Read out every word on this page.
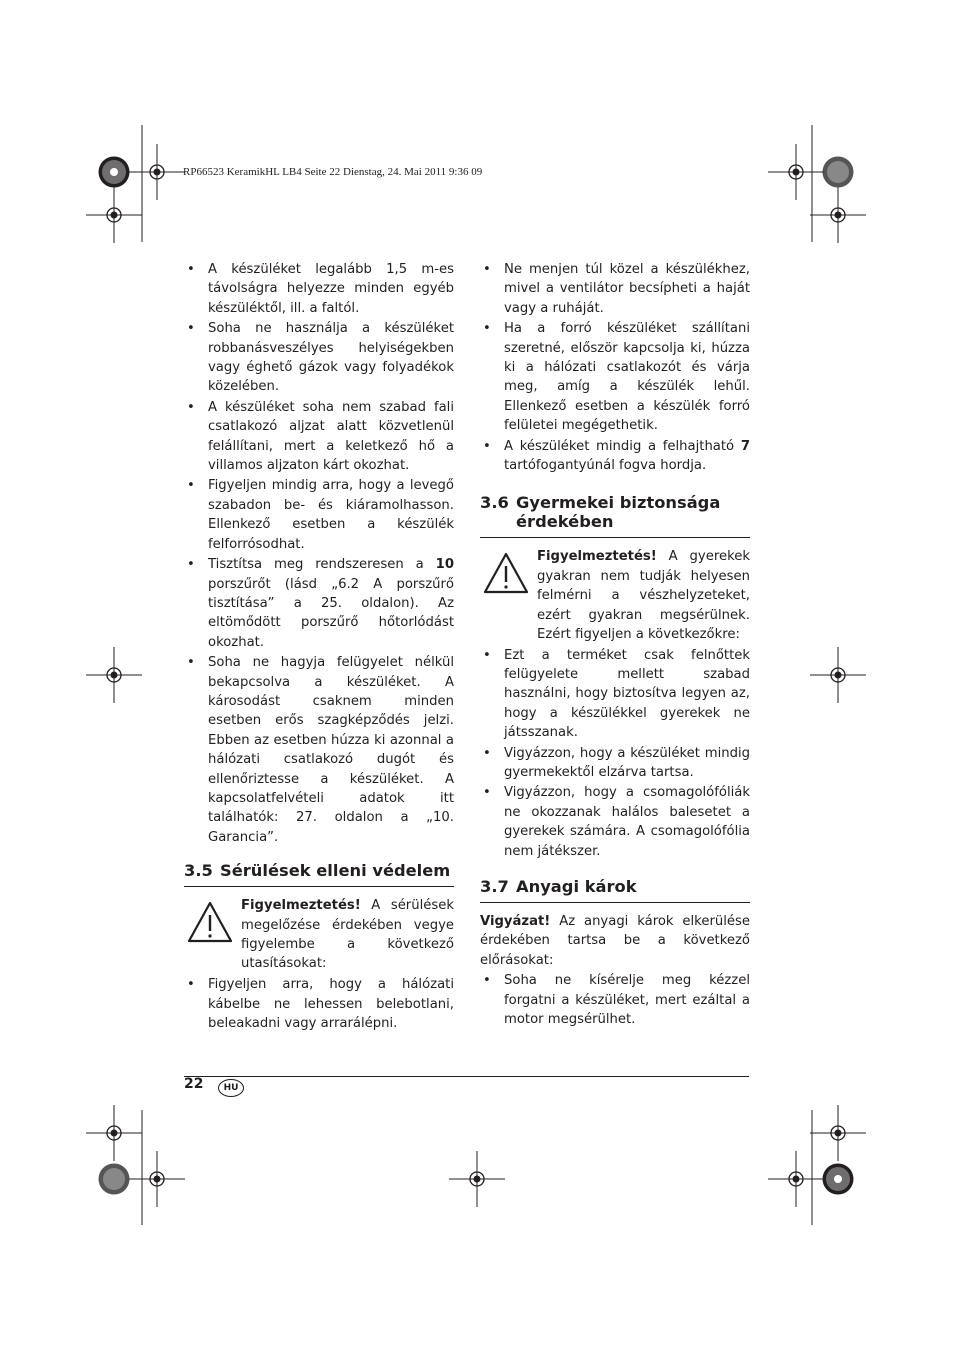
RP66523 KeramikHL LB4 Seite 22 Dienstag, 24. Mai 2011 9:36 09
• A készüléket legalább 1,5 m-es távolságra helyezze minden egyéb készüléktől, ill. a faltól.
• Soha ne használja a készüléket robbanásveszélyes helyiségekben vagy éghető gázok vagy folyadékok közelében.
• A készüléket soha nem szabad fali csatlakozó aljzat alatt közvetlenül felállítani, mert a keletkező hő a villamos aljzaton kárt okozhat.
• Figyeljen mindig arra, hogy a levegő szabadon be- és kiáramolhasson. Ellenkező esetben a készülék felforrósodhat.
• Tisztítsa meg rendszeresen a 10 porszűrőt (lásd „6.2 A porszűrő tisztítása” a 25. oldalon). Az eltömődött porszűrő hőtorlódást okozhat.
• Soha ne hagyja felügyelet nélkül bekapcsolva a készüléket. A károsodást csaknem minden esetben erős szagképződés jelzi. Ebben az esetben húzza ki azonnal a hálózati csatlakozó dugót és ellenőriztesse a készüléket. A kapcsolatfelvételi adatok itt találhatók: 27. oldalon a „10. Garancia”.
3.5 Sérülések elleni védelem
Figyelmeztetés! A sérülések megelőzése érdekében vegye figyelembe a következő utasításokat:
• Figyeljen arra, hogy a hálózati kábelbe ne lehessen belebotlani, beleakadni vagy arrarálépni.
• Ne menjen túl közel a készülékhez, mivel a ventilátor becsípheti a haját vagy a ruháját.
• Ha a forró készüléket szállítani szeretné, először kapcsolja ki, húzza ki a hálózati csatlakozót és várja meg, amíg a készülék lehűl. Ellenkező esetben a készülék forró felületei megégethetik.
• A készüléket mindig a felhajtható 7 tartófogantyúnál fogva hordja.
3.6 Gyermekei biztonsága
érdekében
Figyelmeztetés! A gyerekek gyakran nem tudják helyesen felmérni a vészhelyzeteket, ezért gyakran megsérülnek. Ezért figyeljen a következőkre:
• Ezt a terméket csak felnőttek felügyelete mellett szabad használni, hogy biztosítva legyen az, hogy a készülékkel gyerekek ne játsszanak.
• Vigyázzon, hogy a készüléket mindig gyermekektől elzárva tartsa.
• Vigyázzon, hogy a csomagolófóliák ne okozzanak halálos balesetet a gyerekek számára. A csomagolófólia nem játékszer.
3.7 Anyagi károk
Vigyázat! Az anyagi károk elkerülése érdekében tartsa be a következő előrásokat:
• Soha ne kísérelje meg kézzel forgatni a készüléket, mert ezáltal a motor megsérülhet.
22	HU
